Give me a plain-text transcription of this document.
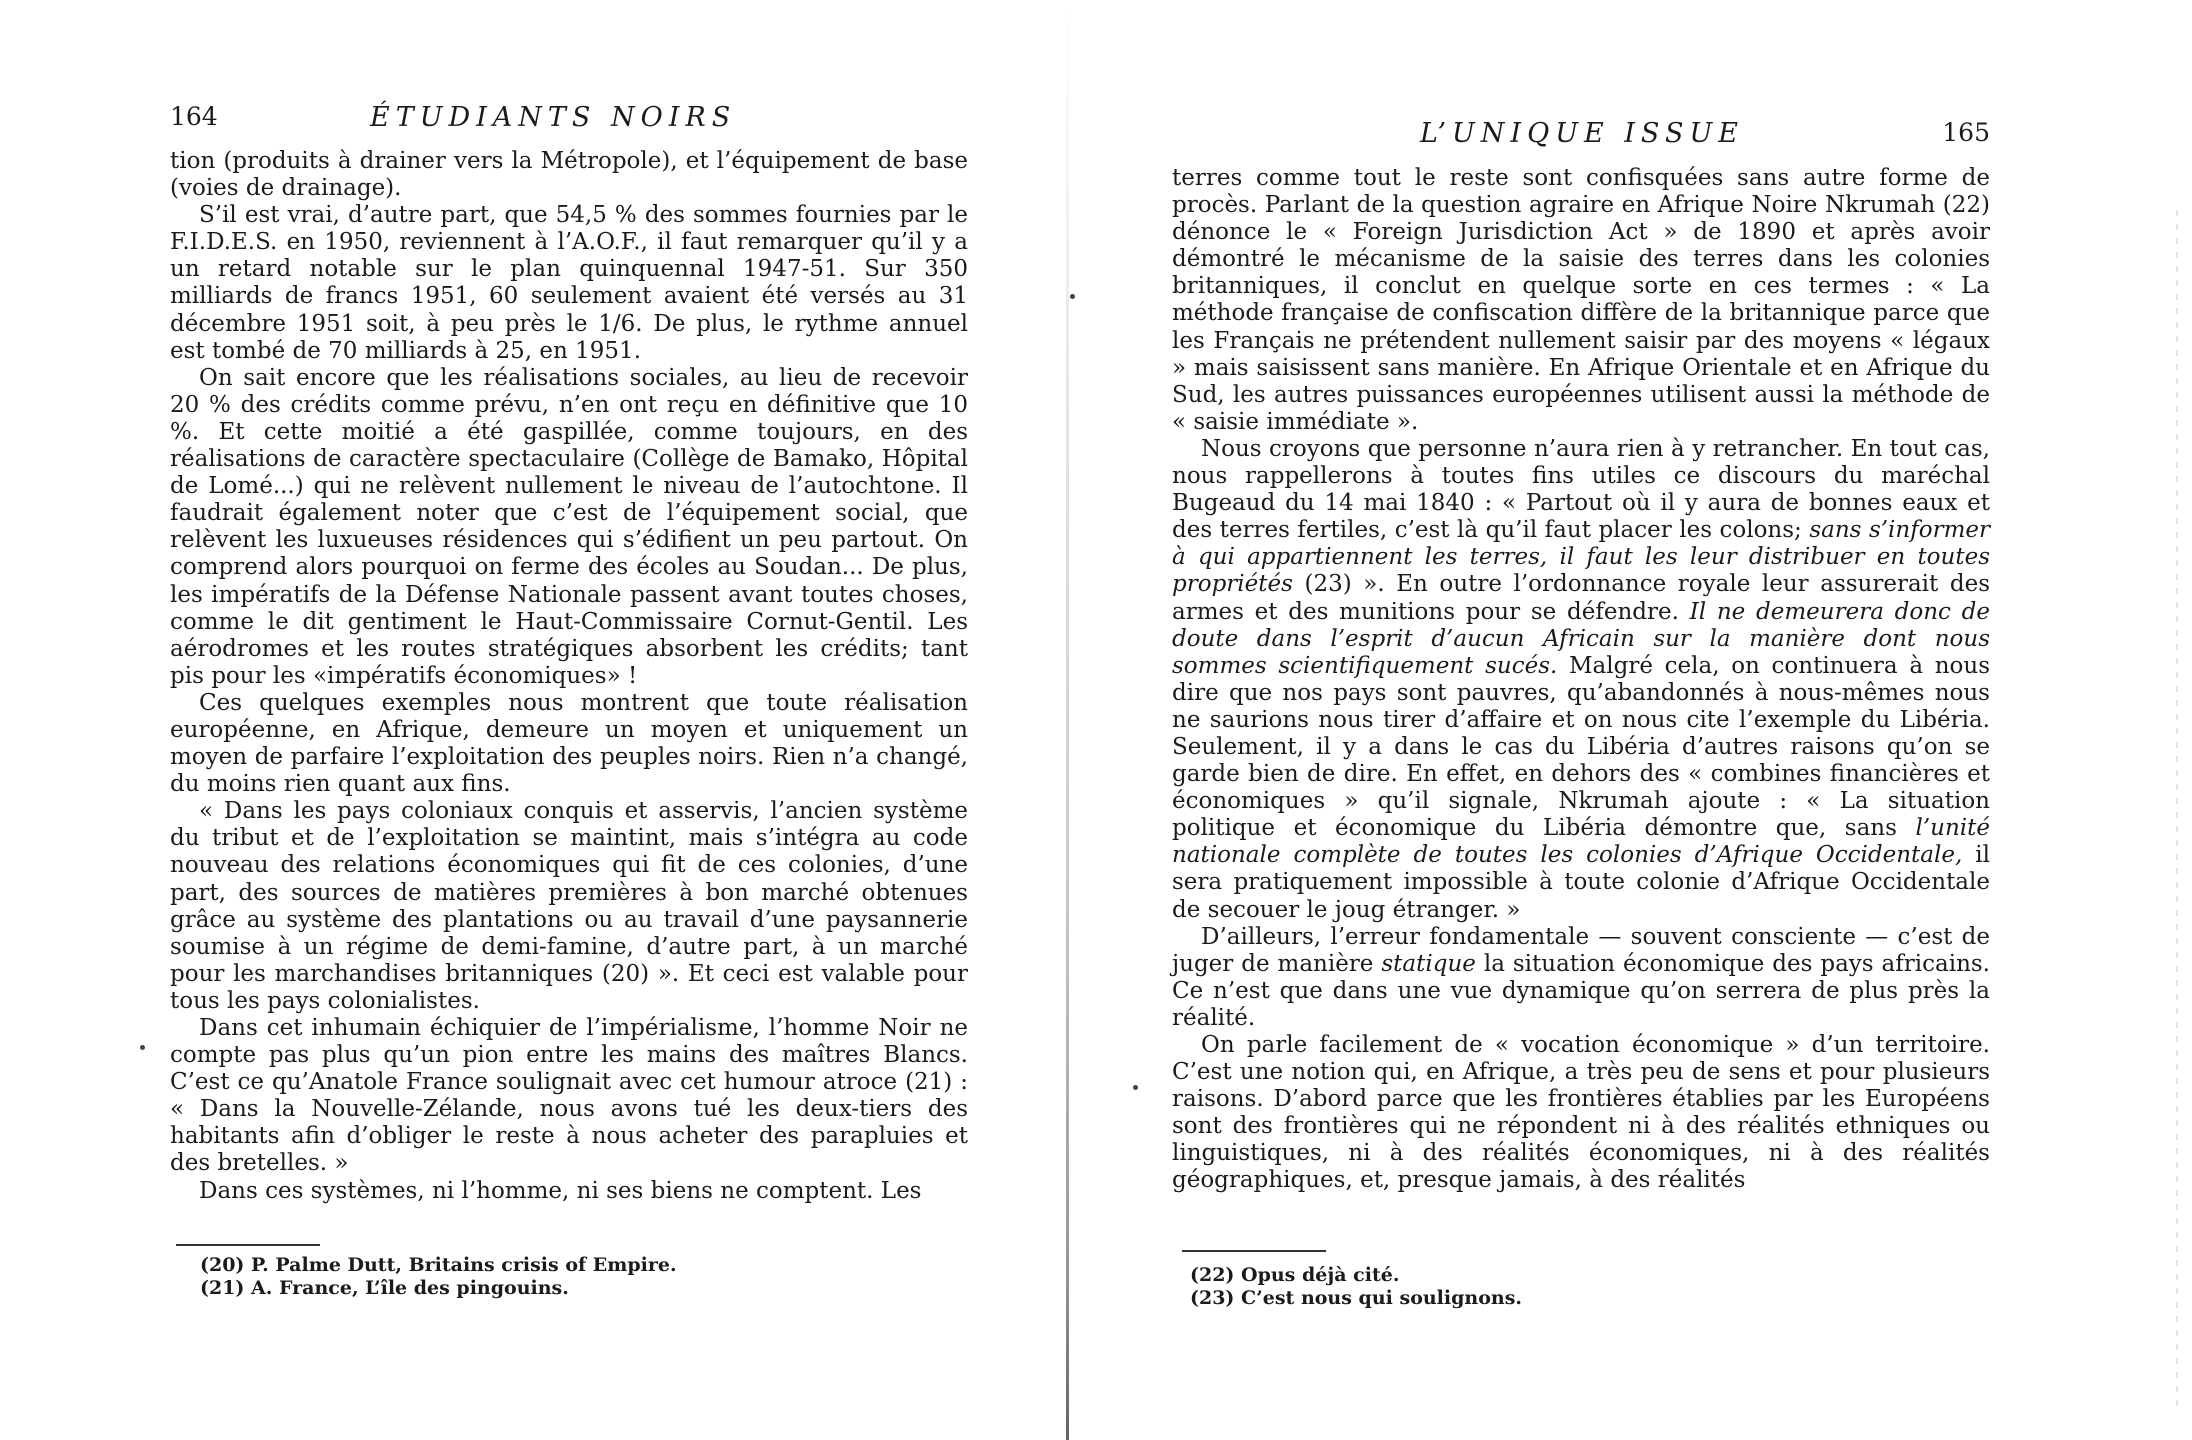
164	ÉTUDIANTS NOIRS

tion (produits à drainer vers la Métropole), et l’équipement de base (voies de drainage).

S’il est vrai, d’autre part, que 54,5 % des sommes fournies par le F.I.D.E.S. en 1950, reviennent à l’A.O.F., il faut remarquer qu’il y a un retard notable sur le plan quinquennal 1947-51. Sur 350 milliards de francs 1951, 60 seulement avaient été versés au 31 décembre 1951 soit, à peu près le 1/6. De plus, le rythme annuel est tombé de 70 milliards à 25, en 1951.

On sait encore que les réalisations sociales, au lieu de recevoir 20 % des crédits comme prévu, n’en ont reçu en définitive que 10 %. Et cette moitié a été gaspillée, comme toujours, en des réalisations de caractère spectaculaire (Collège de Bamako, Hôpital de Lomé...) qui ne relèvent nullement le niveau de l’autochtone. Il faudrait également noter que c’est de l’équipement social, que relèvent les luxueuses résidences qui s’édifient un peu partout. On comprend alors pourquoi on ferme des écoles au Soudan... De plus, les impératifs de la Défense Nationale passent avant toutes choses, comme le dit gentiment le Haut-Commissaire Cornut-Gentil. Les aérodromes et les routes stratégiques absorbent les crédits; tant pis pour les «impératifs économiques» !

Ces quelques exemples nous montrent que toute réalisation européenne, en Afrique, demeure un moyen et uniquement un moyen de parfaire l’exploitation des peuples noirs. Rien n’a changé, du moins rien quant aux fins.

« Dans les pays coloniaux conquis et asservis, l’ancien système du tribut et de l’exploitation se maintint, mais s’intégra au code nouveau des relations économiques qui fit de ces colonies, d’une part, des sources de matières premières à bon marché obtenues grâce au système des plantations ou au travail d’une paysannerie soumise à un régime de demi-famine, d’autre part, à un marché pour les marchandises britanniques (20) ». Et ceci est valable pour tous les pays colonialistes.

Dans cet inhumain échiquier de l’impérialisme, l’homme Noir ne compte pas plus qu’un pion entre les mains des maîtres Blancs. C’est ce qu’Anatole France soulignait avec cet humour atroce (21) : « Dans la Nouvelle-Zélande, nous avons tué les deux-tiers des habitants afin d’obliger le reste à nous acheter des parapluies et des bretelles. »

Dans ces systèmes, ni l’homme, ni ses biens ne comptent. Les

(20) P. Palme Dutt, Britains crisis of Empire.
(21) A. France, L’île des pingouins.
L’UNIQUE ISSUE	165

terres comme tout le reste sont confisquées sans autre forme de procès. Parlant de la question agraire en Afrique Noire Nkrumah (22) dénonce le « Foreign Jurisdiction Act » de 1890 et après avoir démontré le mécanisme de la saisie des terres dans les colonies britanniques, il conclut en quelque sorte en ces termes : « La méthode française de confiscation diffère de la britannique parce que les Français ne prétendent nullement saisir par des moyens « légaux » mais saisissent sans manière. En Afrique Orientale et en Afrique du Sud, les autres puissances européennes utilisent aussi la méthode de « saisie immédiate ».

Nous croyons que personne n’aura rien à y retrancher. En tout cas, nous rappellerons à toutes fins utiles ce discours du maréchal Bugeaud du 14 mai 1840 : « Partout où il y aura de bonnes eaux et des terres fertiles, c’est là qu’il faut placer les colons; sans s’informer à qui appartiennent les terres, il faut les leur distribuer en toutes propriétés (23) ». En outre l’ordonnance royale leur assurerait des armes et des munitions pour se défendre. Il ne demeurera donc de doute dans l’esprit d’aucun Africain sur la manière dont nous sommes scientifiquement sucés. Malgré cela, on continuera à nous dire que nos pays sont pauvres, qu’abandonnés à nous-mêmes nous ne saurions nous tirer d’affaire et on nous cite l’exemple du Libéria. Seulement, il y a dans le cas du Libéria d’autres raisons qu’on se garde bien de dire. En effet, en dehors des « combines financières et économiques » qu’il signale, Nkrumah ajoute : « La situation politique et économique du Libéria démontre que, sans l’unité nationale complète de toutes les colonies d’Afrique Occidentale, il sera pratiquement impossible à toute colonie d’Afrique Occidentale de secouer le joug étranger. »

D’ailleurs, l’erreur fondamentale — souvent consciente — c’est de juger de manière statique la situation économique des pays africains. Ce n’est que dans une vue dynamique qu’on serrera de plus près la réalité.

On parle facilement de « vocation économique » d’un territoire. C’est une notion qui, en Afrique, a très peu de sens et pour plusieurs raisons. D’abord parce que les frontières établies par les Européens sont des frontières qui ne répondent ni à des réalités ethniques ou linguistiques, ni à des réalités économiques, ni à des réalités géographiques, et, presque jamais, à des réalités

(22) Opus déjà cité.
(23) C’est nous qui soulignons.
